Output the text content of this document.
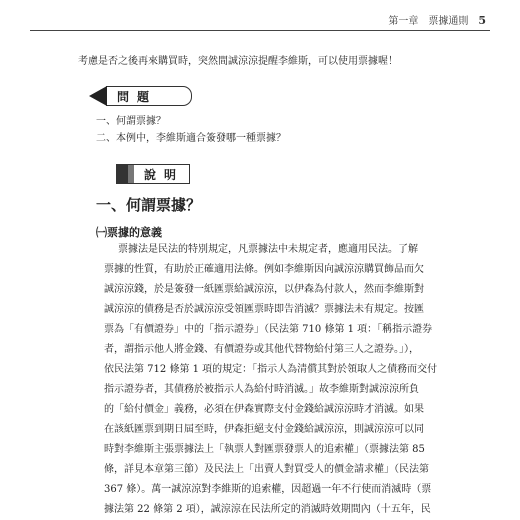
第一章　票據通則 5
考慮是否之後再來購買時，突然間誠涼涼提醒李維斯，可以使用票據喔！
問題
一、何謂票據？
二、本例中，李維斯適合簽發哪一種票據？
說明
一、何謂票據？
㈠票據的意義
票據法是民法的特別規定，凡票據法中未規定者，應適用民法。了解
票據的性質，有助於正確適用法條。例如李維斯因向誠涼涼購買飾品而欠
誠涼涼錢，於是簽發一紙匯票給誠涼涼，以伊森為付款人，然而李維斯對
誠涼涼的債務是否於誠涼涼受領匯票時即告消滅？票據法未有規定。按匯
票為「有價證券」中的「指示證券」（民法第 710 條第 1 項：「稱指示證券
者，謂指示他人將金錢、有價證券或其他代替物給付第三人之證券。」），
依民法第 712 條第 1 項的規定：「指示人為清償其對於領取人之債務而交付
指示證券者，其債務於被指示人為給付時消滅。」故李維斯對誠涼涼所負
的「給付價金」義務，必須在伊森實際支付金錢給誠涼涼時才消滅。如果
在該紙匯票到期日屆至時，伊森拒絕支付金錢給誠涼涼，則誠涼涼可以同
時對李維斯主張票據法上「執票人對匯票發票人的追索權」（票據法第 85
條，詳見本章第三節）及民法上「出賣人對買受人的價金請求權」（民法第
367 條）。萬一誠涼涼對李維斯的追索權，因超過一年不行使而消滅時（票
據法第 22 條第 2 項），誠涼涼在民法所定的消滅時效期間內（十五年，民
